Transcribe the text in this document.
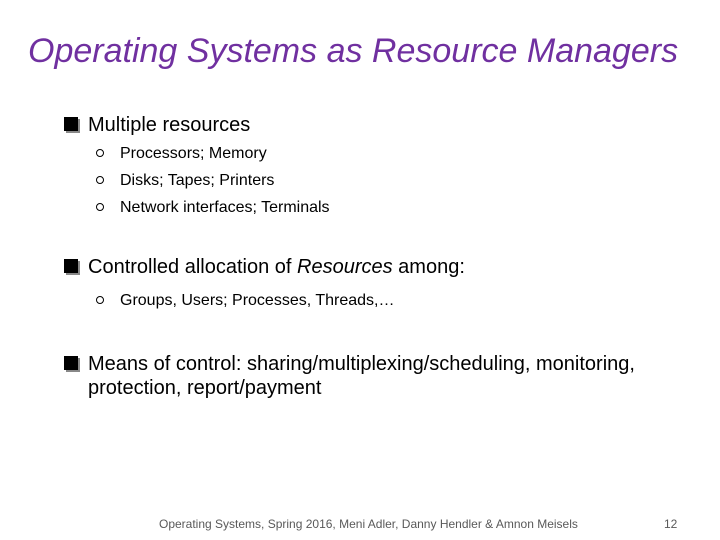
Operating Systems as Resource Managers
Multiple resources
Processors; Memory
Disks; Tapes; Printers
Network interfaces; Terminals
Controlled allocation of Resources among:
Groups, Users; Processes, Threads,…
Means of control: sharing/multiplexing/scheduling, monitoring, protection, report/payment
Operating Systems, Spring 2016, Meni Adler, Danny Hendler & Amnon Meisels	12
